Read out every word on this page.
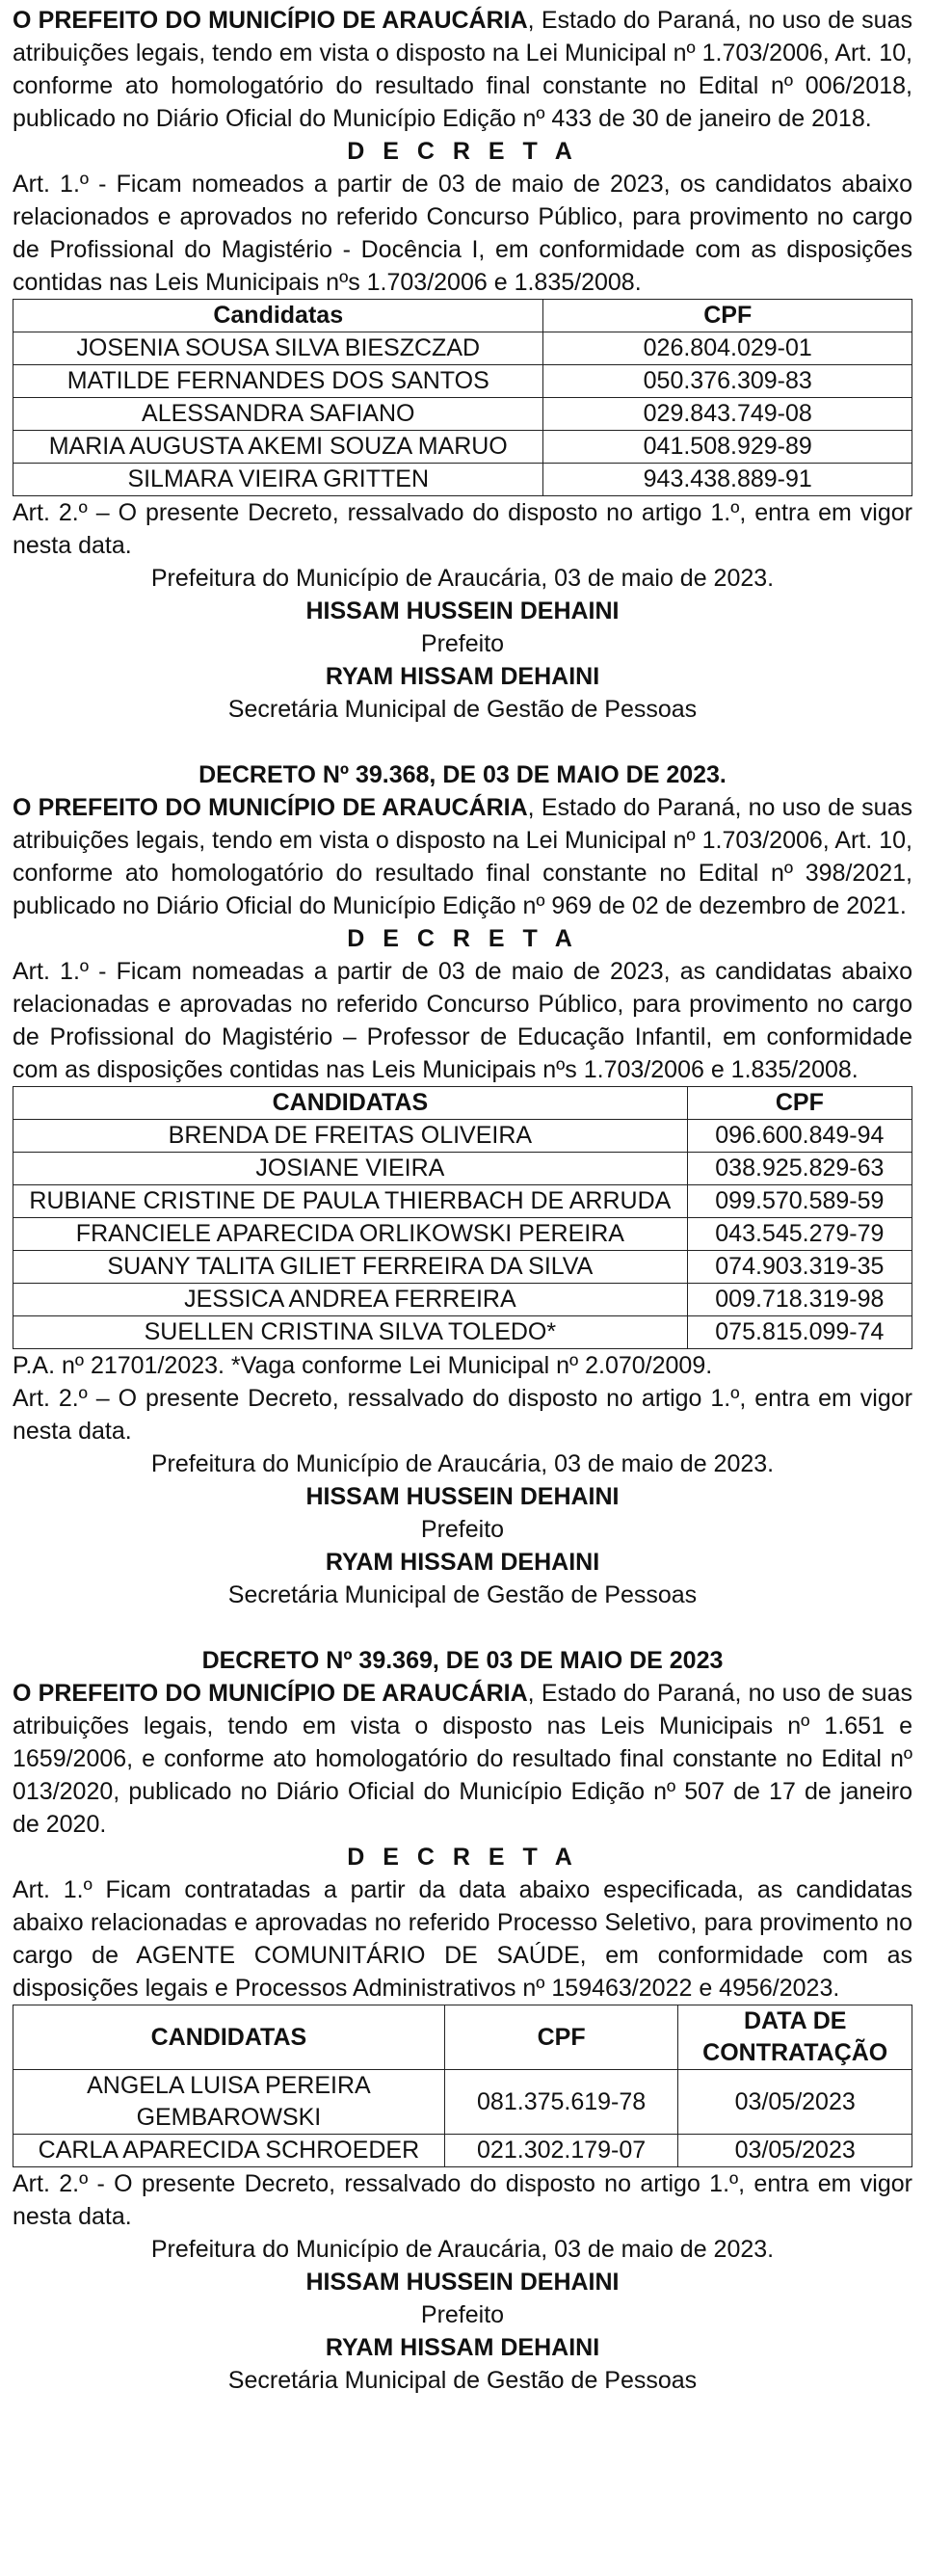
O PREFEITO DO MUNICÍPIO DE ARAUCÁRIA, Estado do Paraná, no uso de suas atribuições legais, tendo em vista o disposto na Lei Municipal nº 1.703/2006, Art. 10, conforme ato homologatório do resultado final constante no Edital nº 006/2018, publicado no Diário Oficial do Município Edição nº 433 de 30 de janeiro de 2018.

D E C R E T A

Art. 1.º - Ficam nomeados a partir de 03 de maio de 2023, os candidatos abaixo relacionados e aprovados no referido Concurso Público, para provimento no cargo de Profissional do Magistério - Docência I, em conformidade com as disposições contidas nas Leis Municipais nºs 1.703/2006 e 1.835/2008.

Candidatas	CPF
JOSENIA SOUSA SILVA BIESZCZAD	026.804.029-01
MATILDE FERNANDES DOS SANTOS	050.376.309-83
ALESSANDRA SAFIANO	029.843.749-08
MARIA AUGUSTA AKEMI SOUZA MARUO	041.508.929-89
SILMARA VIEIRA GRITTEN	943.438.889-91

Art. 2.º – O presente Decreto, ressalvado do disposto no artigo 1.º, entra em vigor nesta data.

Prefeitura do Município de Araucária, 03 de maio de 2023.

HISSAM HUSSEIN DEHAINI

Prefeito

RYAM HISSAM DEHAINI

Secretária Municipal de Gestão de Pessoas

DECRETO Nº 39.368, DE 03 DE MAIO DE 2023.

O PREFEITO DO MUNICÍPIO DE ARAUCÁRIA, Estado do Paraná, no uso de suas atribuições legais, tendo em vista o disposto na Lei Municipal nº 1.703/2006, Art. 10, conforme ato homologatório do resultado final constante no Edital nº 398/2021, publicado no Diário Oficial do Município Edição nº 969 de 02 de dezembro de 2021.

D E C R E T A

Art. 1.º - Ficam nomeadas a partir de 03 de maio de 2023, as candidatas abaixo relacionadas e aprovadas no referido Concurso Público, para provimento no cargo de Profissional do Magistério – Professor de Educação Infantil, em conformidade com as disposições contidas nas Leis Municipais nºs 1.703/2006 e 1.835/2008.

CANDIDATAS	CPF
BRENDA DE FREITAS OLIVEIRA	096.600.849-94
JOSIANE VIEIRA	038.925.829-63
RUBIANE CRISTINE DE PAULA THIERBACH DE ARRUDA	099.570.589-59
FRANCIELE APARECIDA ORLIKOWSKI PEREIRA	043.545.279-79
SUANY TALITA GILIET FERREIRA DA SILVA	074.903.319-35
JESSICA ANDREA FERREIRA	009.718.319-98
SUELLEN CRISTINA SILVA TOLEDO*	075.815.099-74

P.A. nº 21701/2023. *Vaga conforme Lei Municipal nº 2.070/2009.

Art. 2.º – O presente Decreto, ressalvado do disposto no artigo 1.º, entra em vigor nesta data.

Prefeitura do Município de Araucária, 03 de maio de 2023.

HISSAM HUSSEIN DEHAINI

Prefeito

RYAM HISSAM DEHAINI

Secretária Municipal de Gestão de Pessoas

DECRETO Nº 39.369, DE 03 DE MAIO DE 2023

O PREFEITO DO MUNICÍPIO DE ARAUCÁRIA, Estado do Paraná, no uso de suas atribuições legais, tendo em vista o disposto nas Leis Municipais nº 1.651 e 1659/2006, e conforme ato homologatório do resultado final constante no Edital nº 013/2020, publicado no Diário Oficial do Município Edição nº 507 de 17 de janeiro de 2020.

D E C R E T A

Art. 1.º Ficam contratadas a partir da data abaixo especificada, as candidatas abaixo relacionadas e aprovadas no referido Processo Seletivo, para provimento no cargo de AGENTE COMUNITÁRIO DE SAÚDE, em conformidade com as disposições legais e Processos Administrativos nº 159463/2022 e 4956/2023.

CANDIDATAS	CPF	DATA DE CONTRATAÇÃO
ANGELA LUISA PEREIRA GEMBAROWSKI	081.375.619-78	03/05/2023
CARLA APARECIDA SCHROEDER	021.302.179-07	03/05/2023

Art. 2.º - O presente Decreto, ressalvado do disposto no artigo 1.º, entra em vigor nesta data.

Prefeitura do Município de Araucária, 03 de maio de 2023.

HISSAM HUSSEIN DEHAINI

Prefeito

RYAM HISSAM DEHAINI

Secretária Municipal de Gestão de Pessoas
